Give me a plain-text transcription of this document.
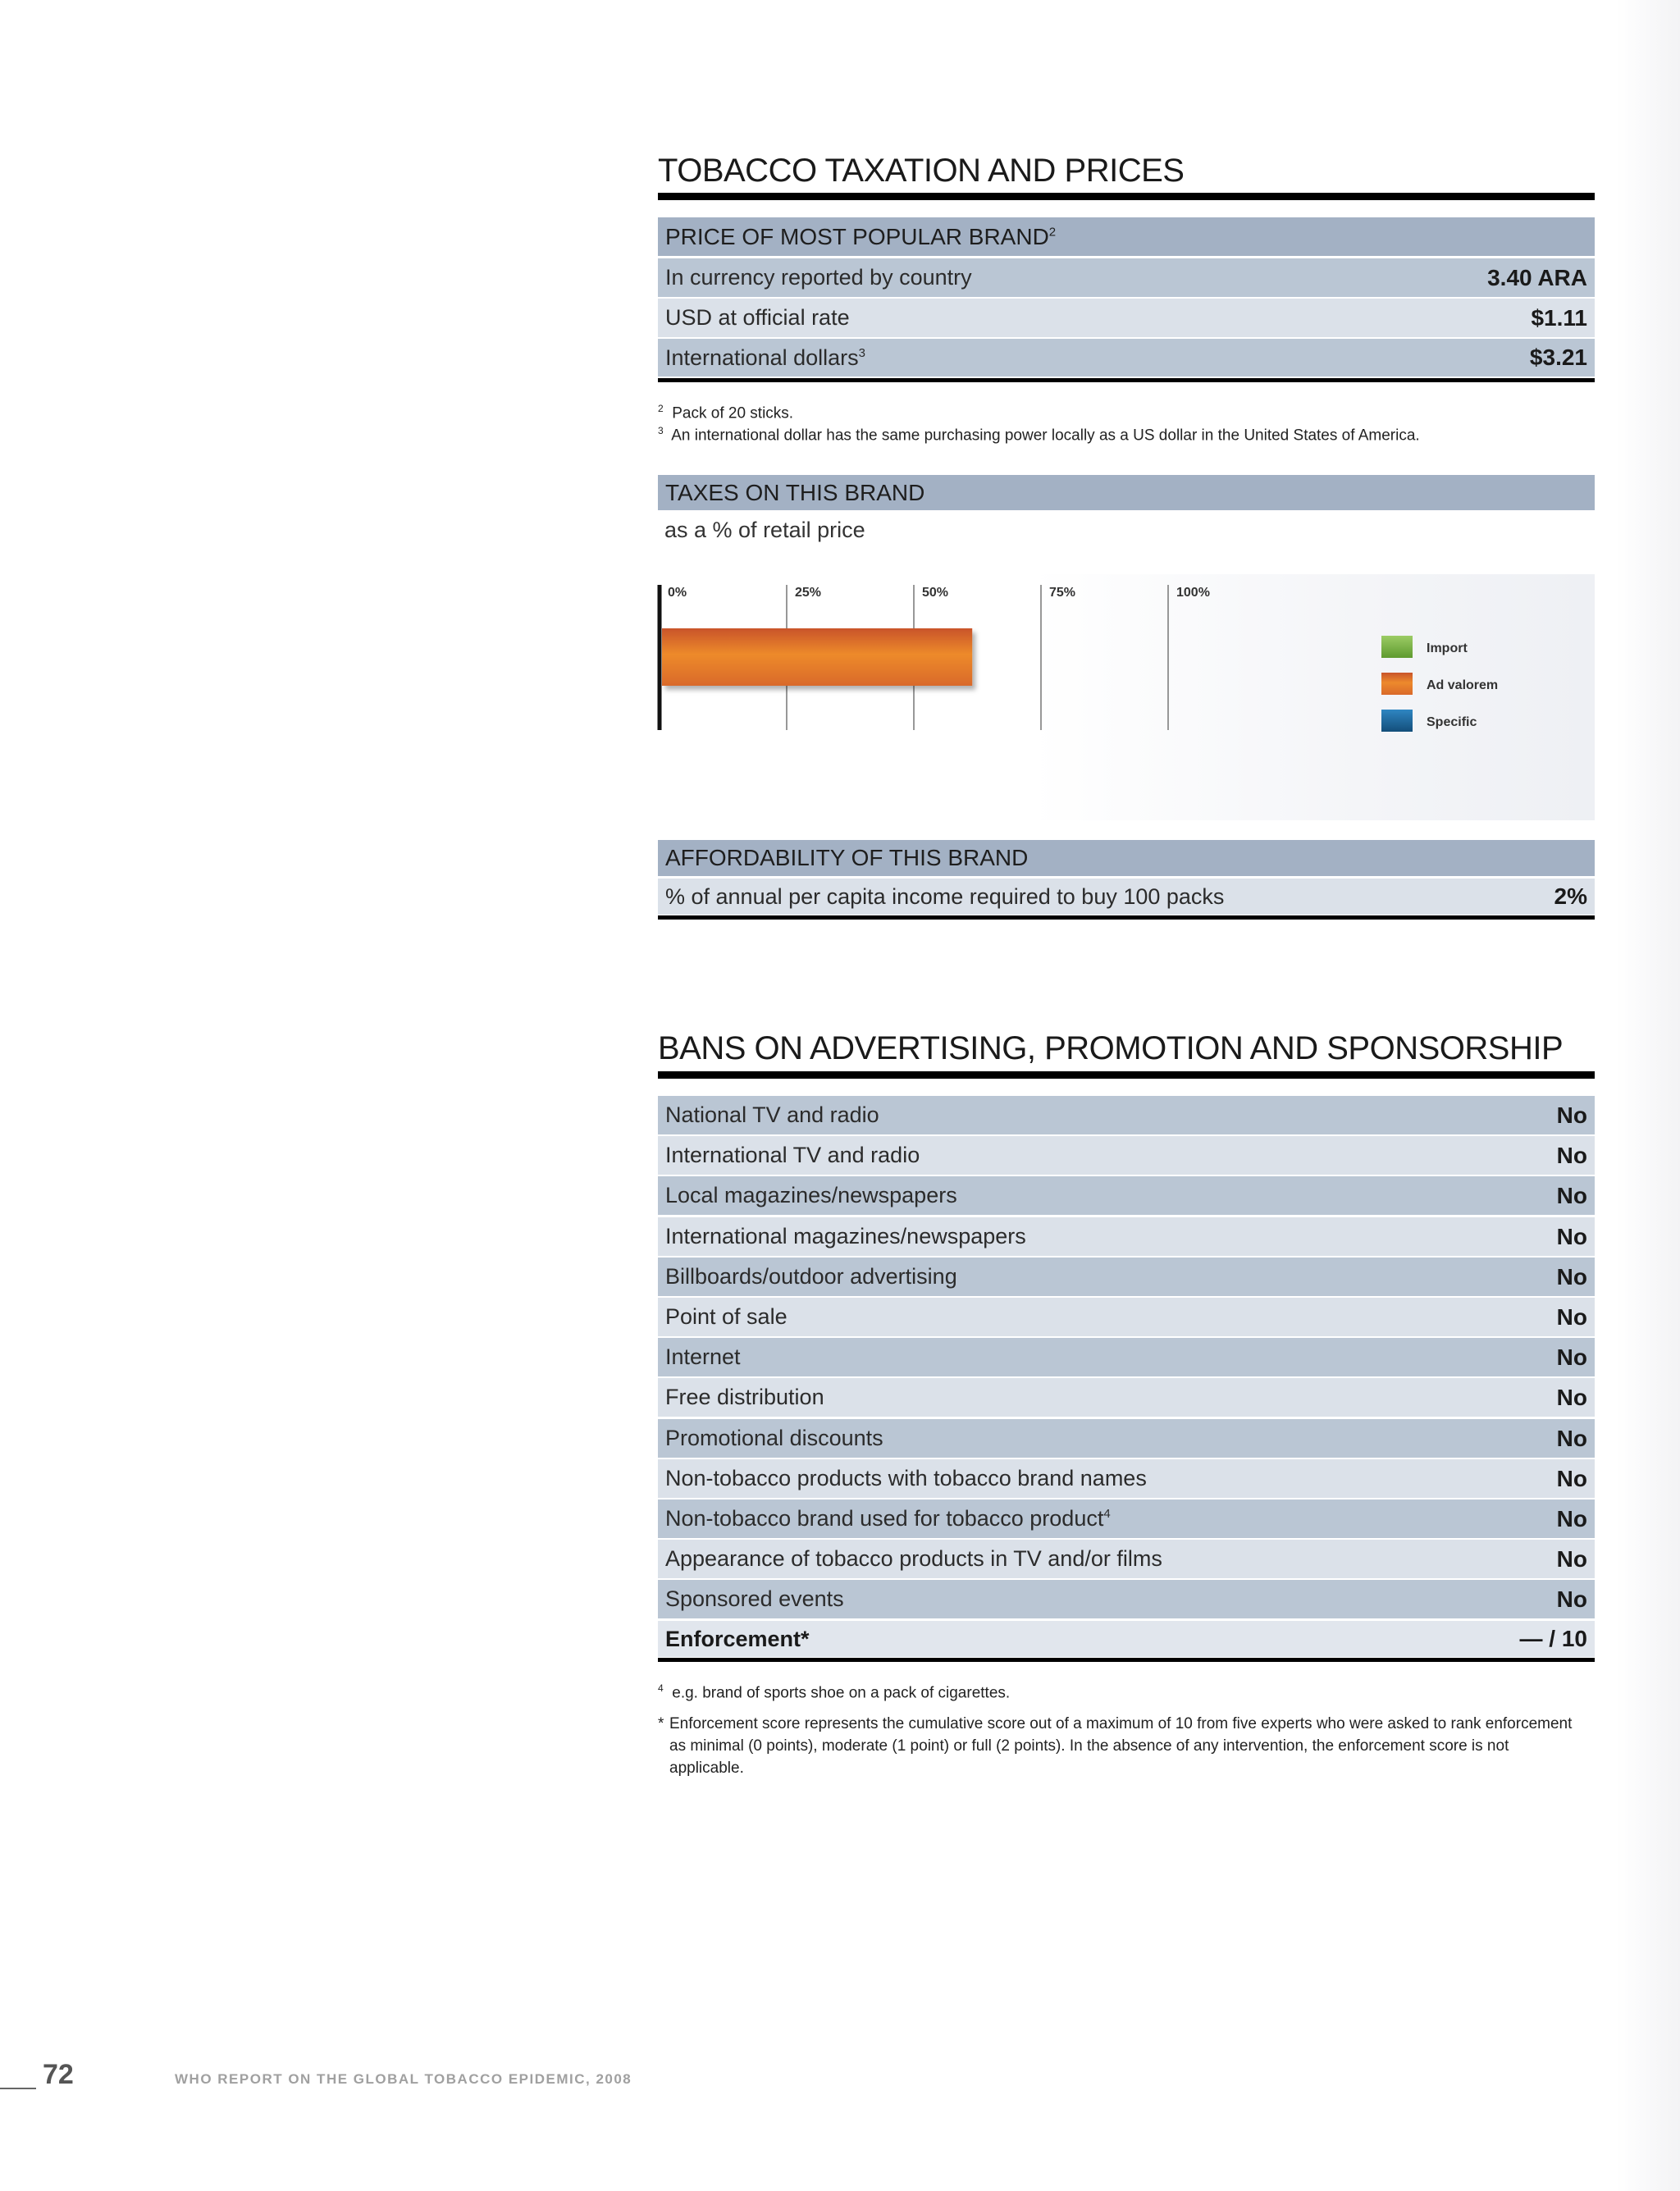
TOBACCO TAXATION AND PRICES
PRICE OF MOST POPULAR BRAND$^2$
In currency reported by country	3.40 ARA
USD at official rate	$1.11
International dollars$^3$	$3.21
$^2$ Pack of 20 sticks.
$^3$ An international dollar has the same purchasing power locally as a US dollar in the United States of America.
TAXES ON THIS BRAND
as a % of retail price
0%	25%	50%	75%	100%
Import
Ad valorem
Specific
AFFORDABILITY OF THIS BRAND
% of annual per capita income required to buy 100 packs	2%
BANS ON ADVERTISING, PROMOTION AND SPONSORSHIP
National TV and radio	No
International TV and radio	No
Local magazines/newspapers	No
International magazines/newspapers	No
Billboards/outdoor advertising	No
Point of sale	No
Internet	No
Free distribution	No
Promotional discounts	No
Non-tobacco products with tobacco brand names	No
Non-tobacco brand used for tobacco product$^4$	No
Appearance of tobacco products in TV and/or films	No
Sponsored events	No
Enforcement*	— / 10
$^4$ e.g. brand of sports shoe on a pack of cigarettes.
* Enforcement score represents the cumulative score out of a maximum of 10 from five experts who were asked to rank enforcement as minimal (0 points), moderate (1 point) or full (2 points). In the absence of any intervention, the enforcement score is not applicable.
72	WHO REPORT ON THE GLOBAL TOBACCO EPIDEMIC, 2008
